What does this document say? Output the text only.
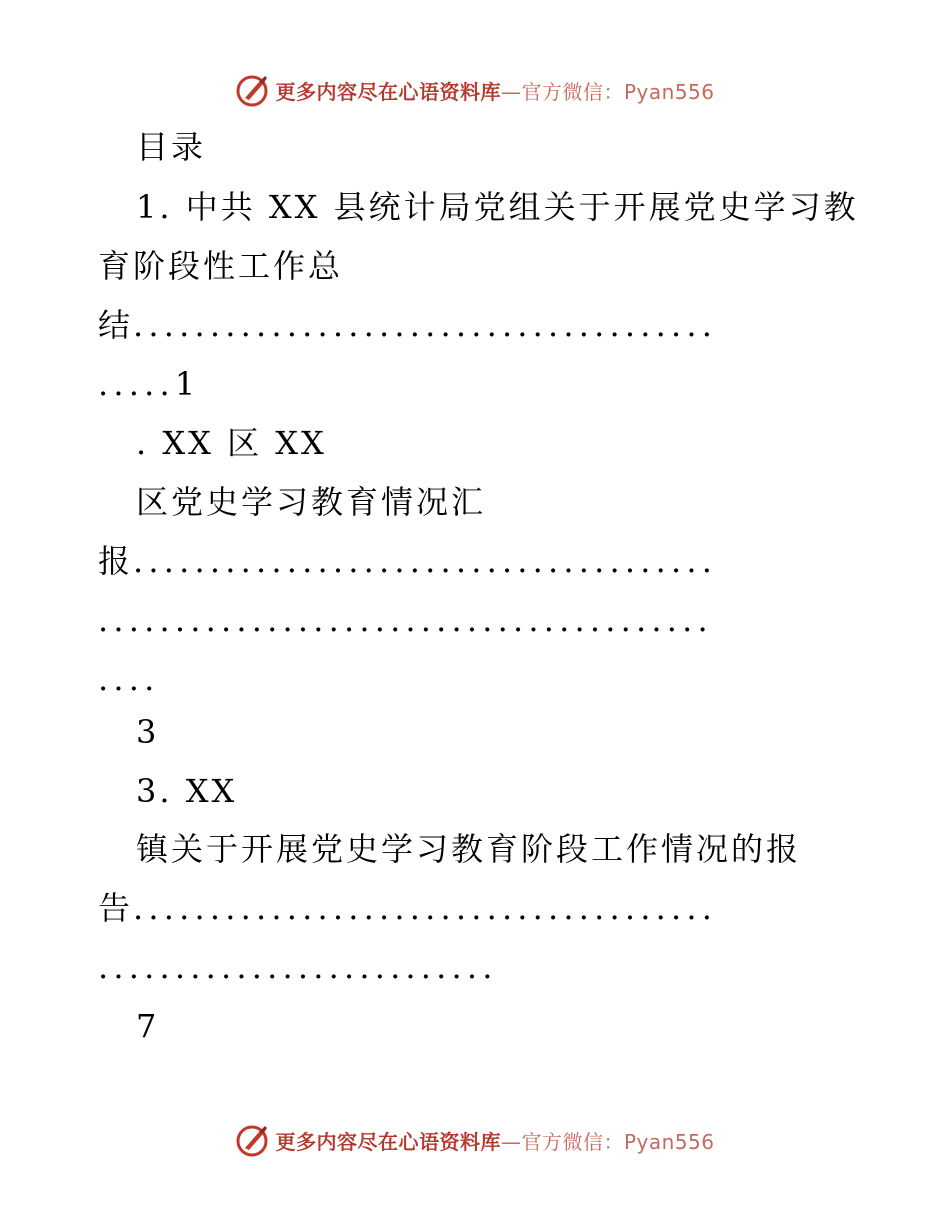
更多内容尽在心语资料库—官方微信：Pyan556
目录
1. 中共 XX 县统计局党组关于开展党史学习教
育阶段性工作总
结......................................
.....1
. XX 区 XX
区党史学习教育情况汇
报......................................
........................................
....
3
3. XX
镇关于开展党史学习教育阶段工作情况的报
告......................................
..........................
7
更多内容尽在心语资料库—官方微信：Pyan556
